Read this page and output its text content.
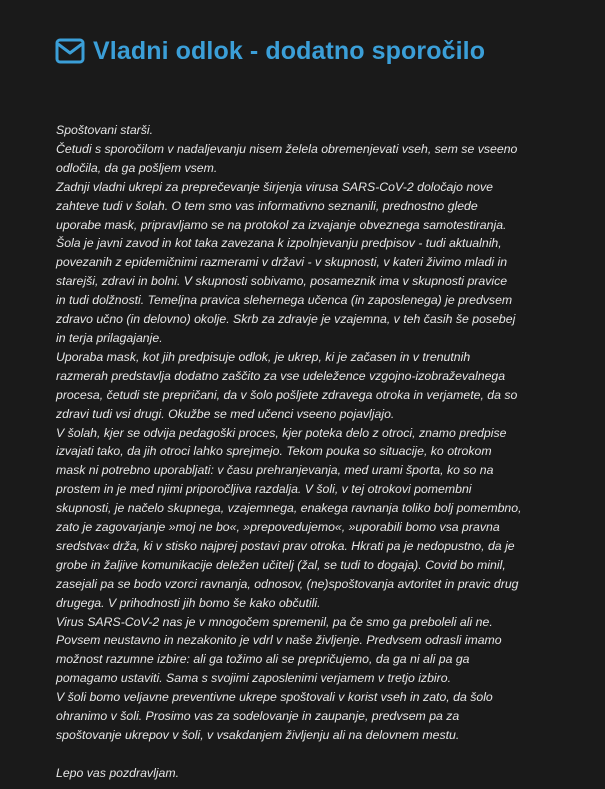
Vladni odlok - dodatno sporočilo

Spoštovani starši.

Četudi s sporočilom v nadaljevanju nisem želela obremenjevati vseh, sem se vseeno

odločila, da ga pošljem vsem.

Zadnji vladni ukrepi za preprečevanje širjenja virusa SARS-CoV-2 določajo nove

zahteve tudi v šolah. O tem smo vas informativno seznanili, prednostno glede

uporabe mask, pripravljamo se na protokol za izvajanje obveznega samotestiranja.

Šola je javni zavod in kot taka zavezana k izpolnjevanju predpisov - tudi aktualnih,

povezanih z epidemičnimi razmerami v državi - v skupnosti, v kateri živimo mladi in

starejši, zdravi in bolni. V skupnosti sobivamo, posameznik ima v skupnosti pravice

in tudi dolžnosti. Temeljna pravica slehernega učenca (in zaposlenega) je predvsem

zdravo učno (in delovno) okolje. Skrb za zdravje je vzajemna, v teh časih še posebej

in terja prilagajanje.

Uporaba mask, kot jih predpisuje odlok, je ukrep, ki je začasen in v trenutnih

razmerah predstavlja dodatno zaščito za vse udeležence vzgojno-izobraževalnega

procesa, četudi ste prepričani, da v šolo pošljete zdravega otroka in verjamete, da so

zdravi tudi vsi drugi. Okužbe se med učenci vseeno pojavljajo.

V šolah, kjer se odvija pedagoški proces, kjer poteka delo z otroci, znamo predpise

izvajati tako, da jih otroci lahko sprejmejo. Tekom pouka so situacije, ko otrokom

mask ni potrebno uporabljati: v času prehranjevanja, med urami športa, ko so na

prostem in je med njimi priporočljiva razdalja. V šoli, v tej otrokovi pomembni

skupnosti, je načelo skupnega, vzajemnega, enakega ravnanja toliko bolj pomembno,

zato je zagovarjanje »moj ne bo«, »prepovedujemo«, »uporabili bomo vsa pravna

sredstva« drža, ki v stisko najprej postavi prav otroka. Hkrati pa je nedopustno, da je

grobe in žaljive komunikacije deležen učitelj (žal, se tudi to dogaja). Covid bo minil,

zasejali pa se bodo vzorci ravnanja, odnosov, (ne)spoštovanja avtoritet in pravic drug

drugega. V prihodnosti jih bomo še kako občutili.

Virus SARS-CoV-2 nas je v mnogočem spremenil, pa če smo ga preboleli ali ne.

Povsem neustavno in nezakonito je vdrl v naše življenje. Predvsem odrasli imamo

možnost razumne izbire: ali ga tožimo ali se prepričujemo, da ga ni ali pa ga

pomagamo ustaviti. Sama s svojimi zaposlenimi verjamem v tretjo izbiro.

V šoli bomo veljavne preventivne ukrepe spoštovali v korist vseh in zato, da šolo

ohranimo v šoli. Prosimo vas za sodelovanje in zaupanje, predvsem pa za

spoštovanje ukrepov v šoli, v vsakdanjem življenju ali na delovnem mestu.

Lepo vas pozdravljam.
